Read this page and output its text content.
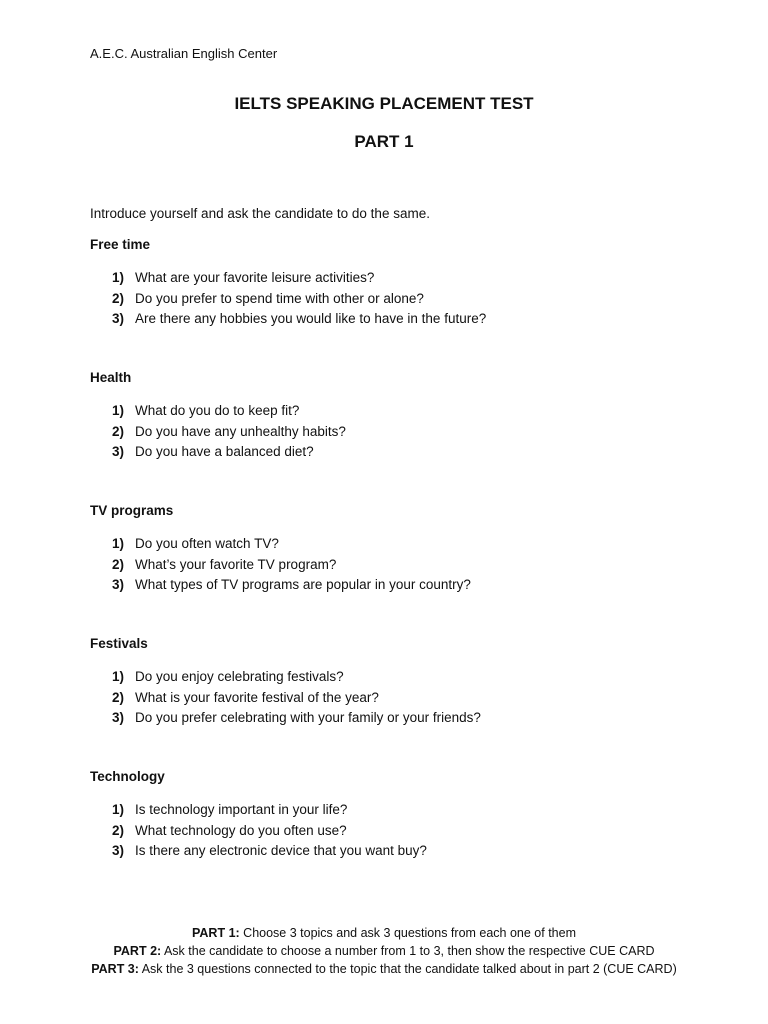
A.E.C. Australian English Center
IELTS SPEAKING PLACEMENT TEST
PART 1
Introduce yourself and ask the candidate to do the same.
Free time
1) What are your favorite leisure activities?
2) Do you prefer to spend time with other or alone?
3) Are there any hobbies you would like to have in the future?
Health
1) What do you do to keep fit?
2) Do you have any unhealthy habits?
3) Do you have a balanced diet?
TV programs
1) Do you often watch TV?
2) What’s your favorite TV program?
3) What types of TV programs are popular in your country?
Festivals
1) Do you enjoy celebrating festivals?
2) What is your favorite festival of the year?
3) Do you prefer celebrating with your family or your friends?
Technology
1) Is technology important in your life?
2) What technology do you often use?
3) Is there any electronic device that you want buy?
PART 1: Choose 3 topics and ask 3 questions from each one of them
PART 2: Ask the candidate to choose a number from 1 to 3, then show the respective CUE CARD
PART 3: Ask the 3 questions connected to the topic that the candidate talked about in part 2 (CUE CARD)
